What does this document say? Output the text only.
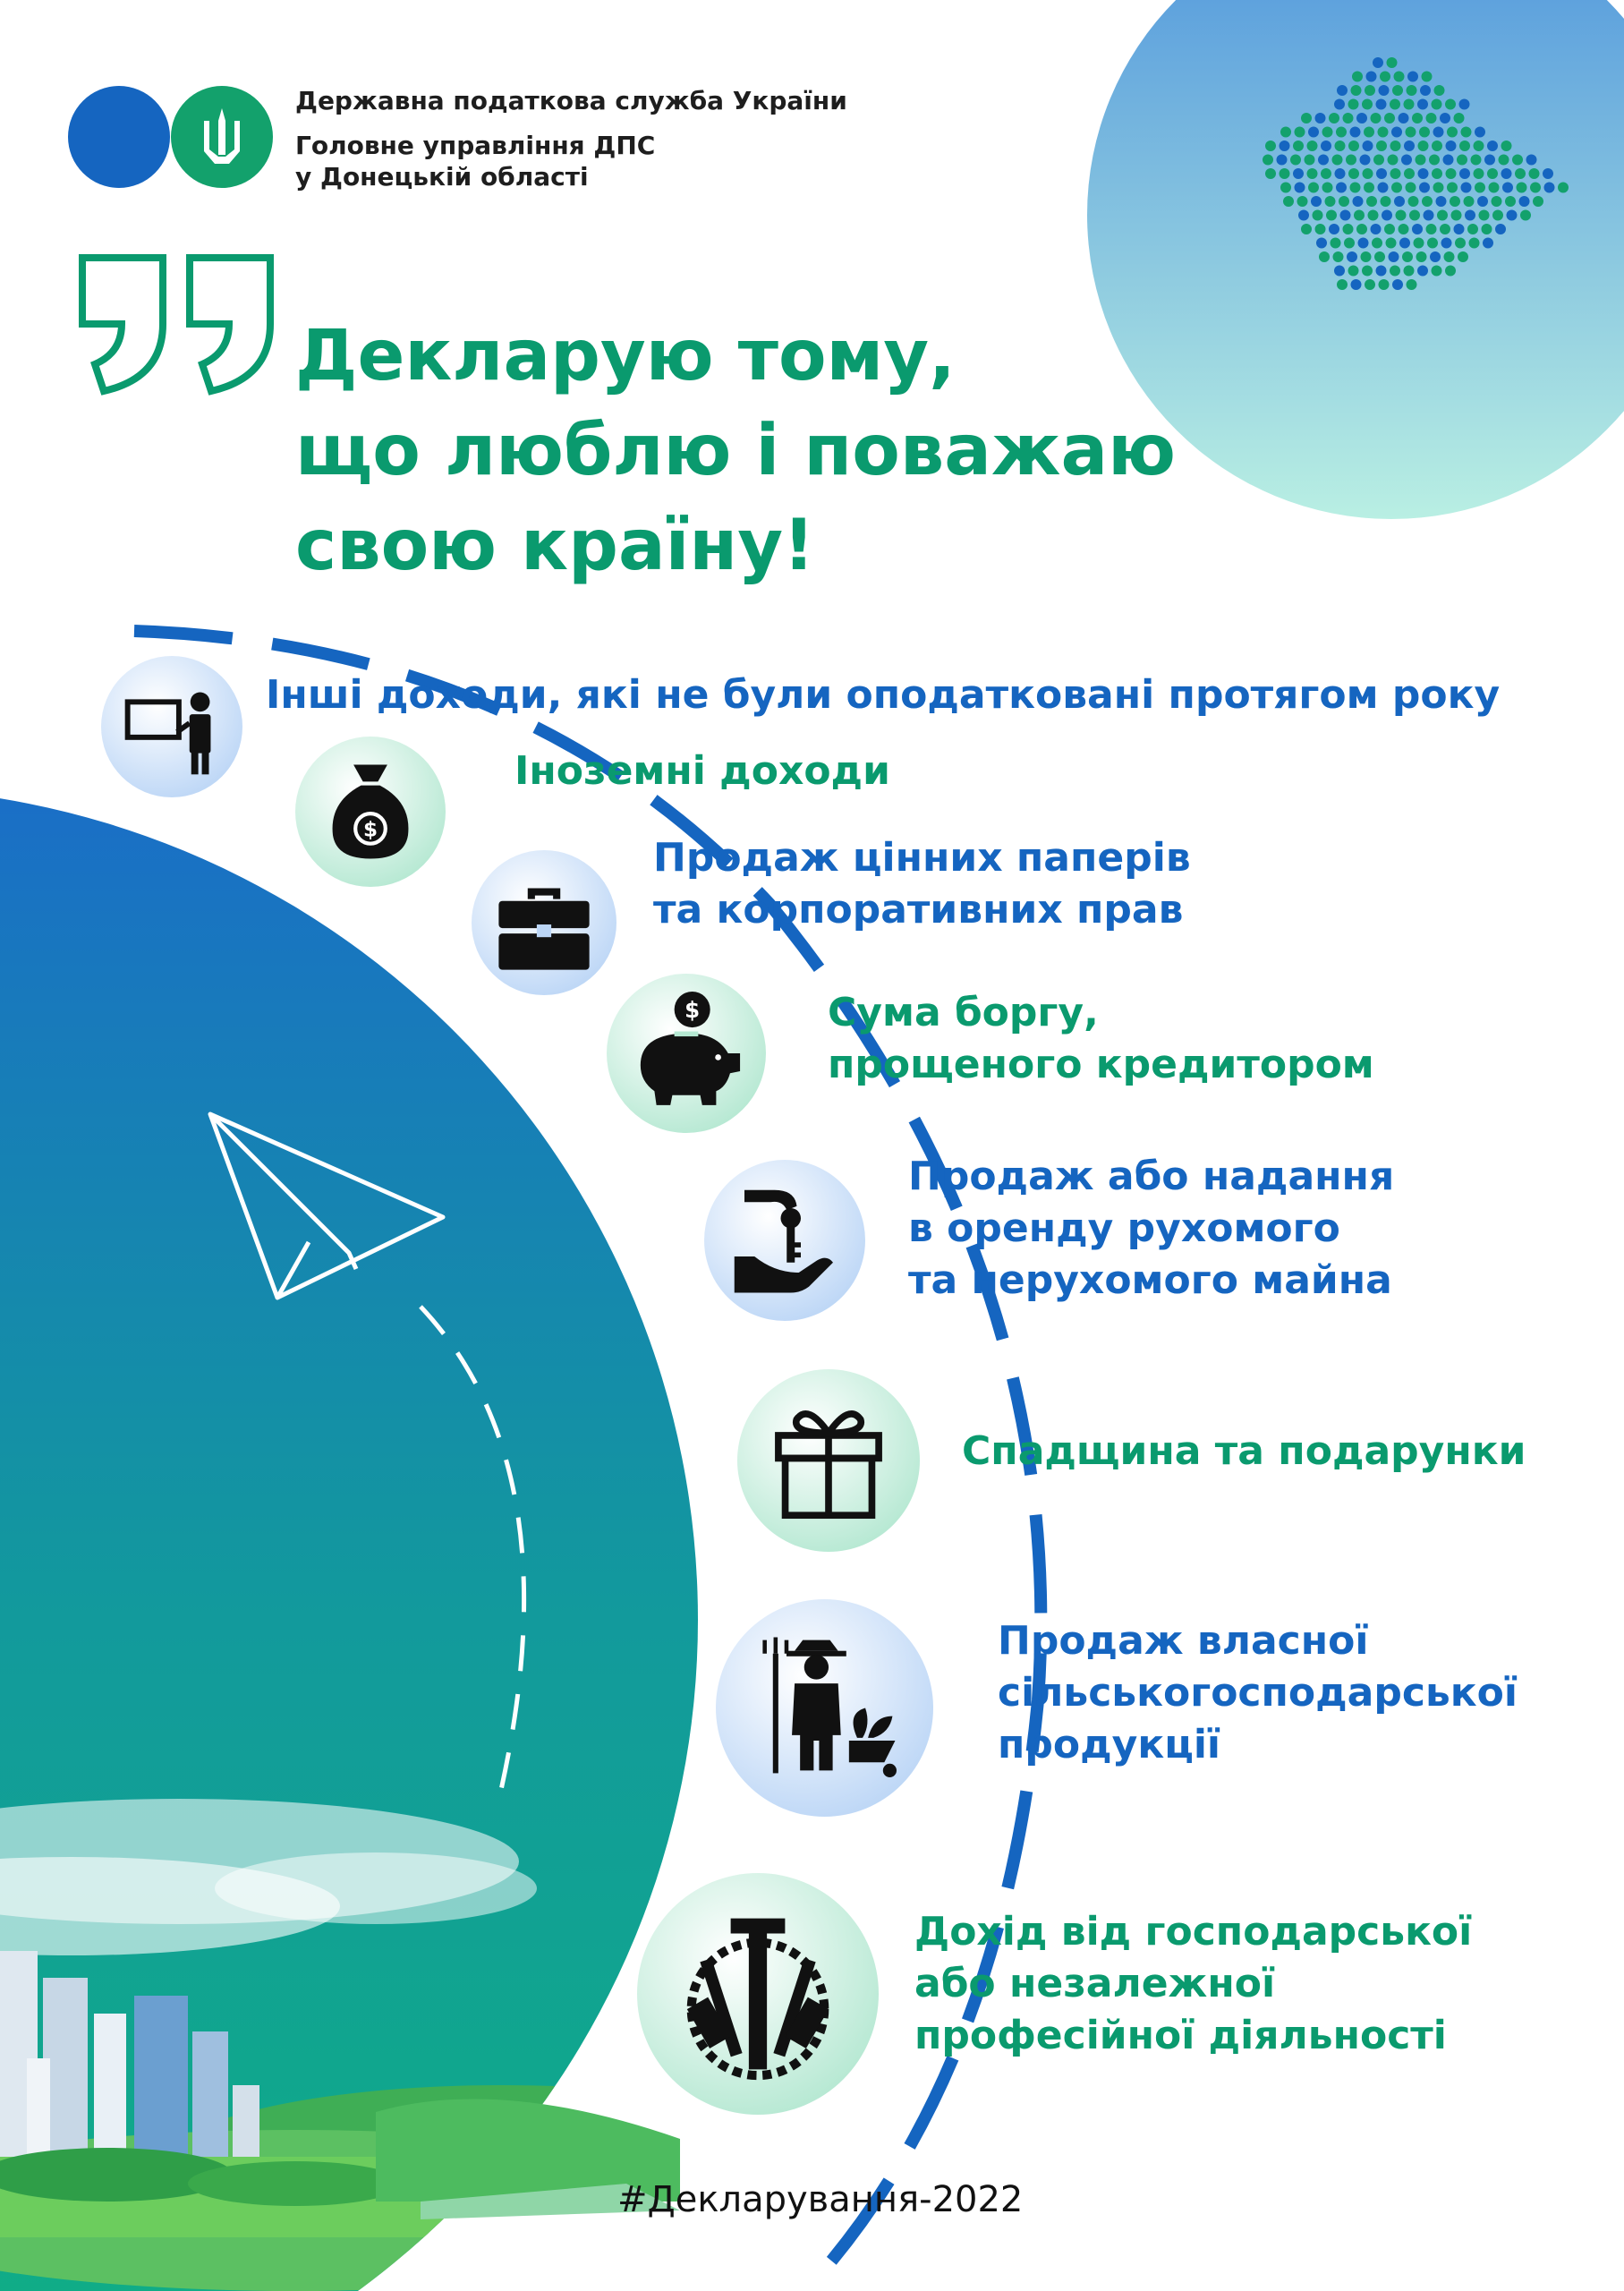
Державна податкова служба України
Головне управління ДПС
у Донецькій області
Декларую тому,
що люблю і поважаю
свою країну!
Інші доходи, які не були оподатковані протягом року
$
Іноземні доходи
Продаж цінних паперів
та корпоративних прав
$	Сума боргу,
прощеного кредитором
Продаж або надання
в оренду рухомого
та нерухомого майна
Спадщина та подарунки
Продаж власної
сільськогосподарської
продукції
Дохід від господарської
або незалежної
професійної діяльності
#Декларування-2022
